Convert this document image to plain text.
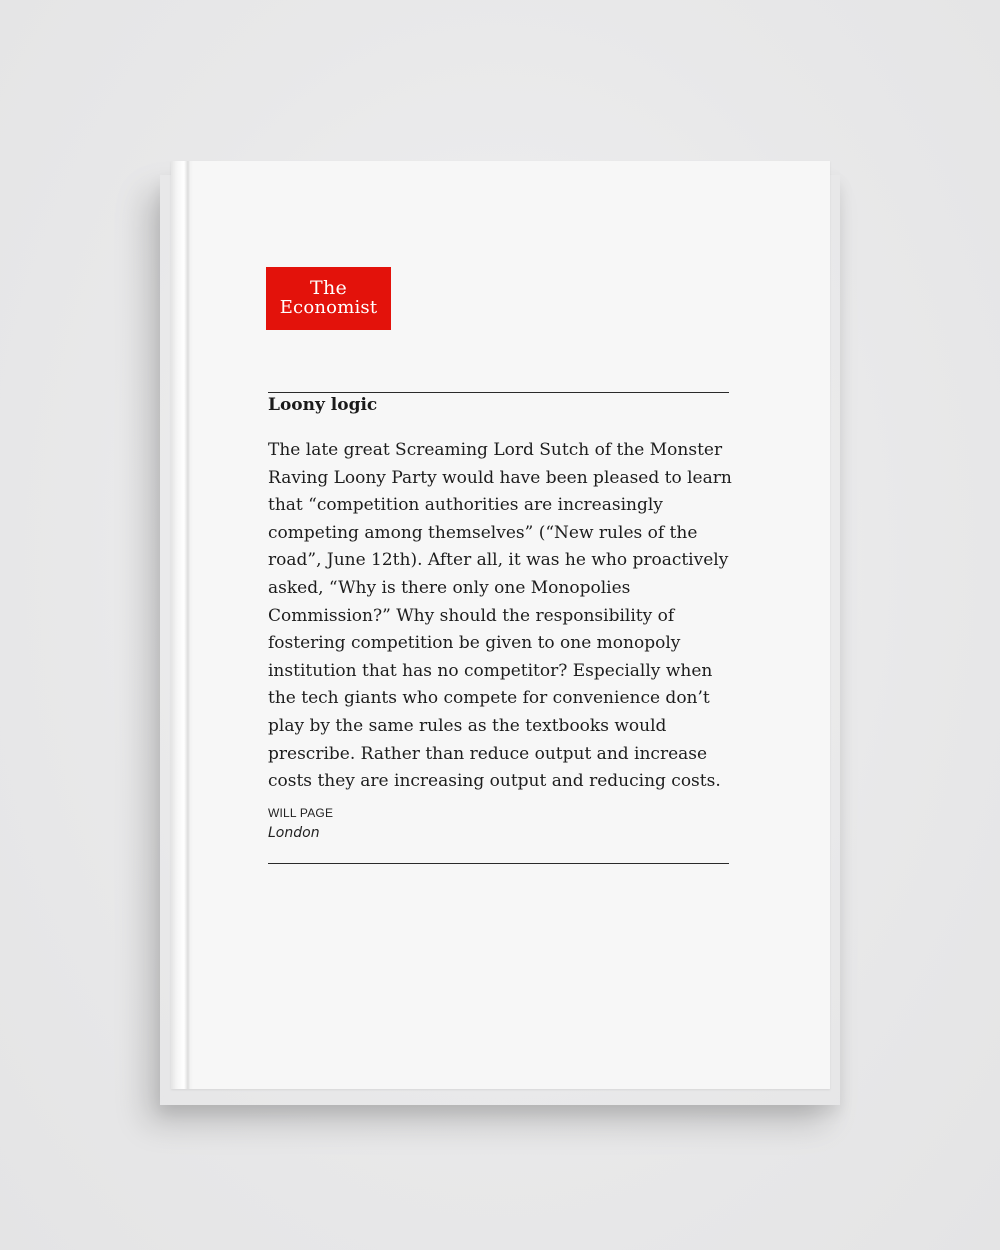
The
Economist
Loony logic
The late great Screaming Lord Sutch of the Monster
Raving Loony Party would have been pleased to learn
that “competition authorities are increasingly
competing among themselves” (“New rules of the
road”, June 12th). After all, it was he who proactively
asked, “Why is there only one Monopolies
Commission?” Why should the responsibility of
fostering competition be given to one monopoly
institution that has no competitor? Especially when
the tech giants who compete for convenience don’t
play by the same rules as the textbooks would
prescribe. Rather than reduce output and increase
costs they are increasing output and reducing costs.
WILL PAGE
London
